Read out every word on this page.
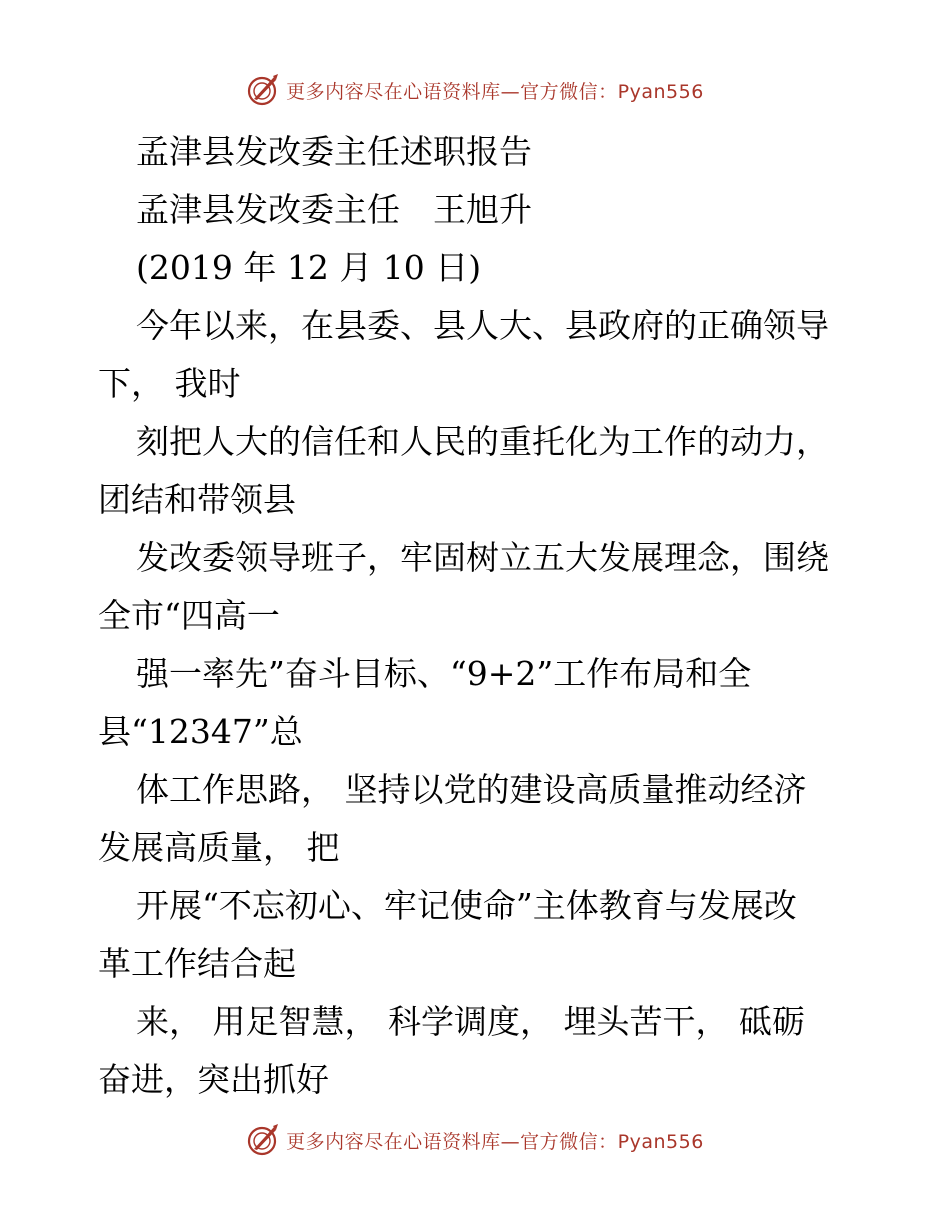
更多内容尽在心语资料库—官方微信：Pyan556
孟津县发改委主任述职报告
孟津县发改委主任　王旭升
(2019 年 12 月 10 日)
今年以来，在县委、县人大、县政府的正确领导
下， 我时
刻把人大的信任和人民的重托化为工作的动力，
团结和带领县
发改委领导班子，牢固树立五大发展理念，围绕
全市“四高一
强一率先”奋斗目标、“9+2”工作布局和全
县“12347”总
体工作思路， 坚持以党的建设高质量推动经济
发展高质量， 把
开展“不忘初心、牢记使命”主体教育与发展改
革工作结合起
来， 用足智慧， 科学调度， 埋头苦干， 砥砺
奋进，突出抓好
更多内容尽在心语资料库—官方微信：Pyan556
